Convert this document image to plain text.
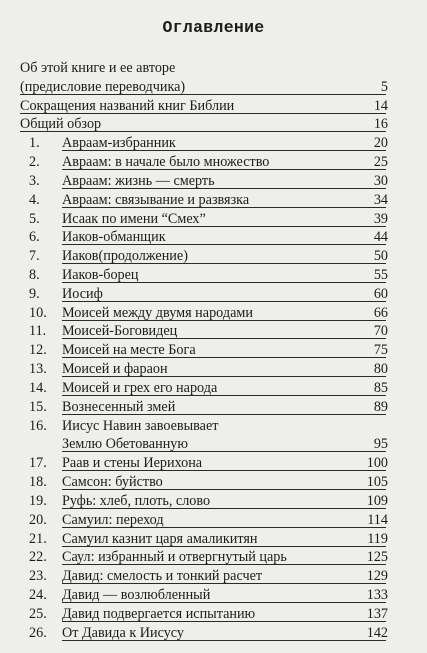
Оглавление
Об этой книге и ее авторе
(предисловие переводчика)	5
Сокращения названий книг Библии	14
Общий обзор	16
1. Авраам-избранник	20
2. Авраам: в начале было множество	25
3. Авраам: жизнь — смерть	30
4. Авраам: связывание и развязка	34
5. Исаак по имени “Смех”	39
6. Иаков-обманщик	44
7. Иаков(продолжение)	50
8. Иаков-борец	55
9. Иосиф	60
10. Моисей между двумя народами	66
11. Моисей-Боговидец	70
12. Моисей на месте Бога	75
13. Моисей и фараон	80
14. Моисей и грех его народа	85
15. Вознесенный змей	89
16. Иисус Навин завоевывает
Землю Обетованную	95
17. Раав и стены Иерихона	100
18. Самсон: буйство	105
19. Руфь: хлеб, плоть, слово	109
20. Самуил: переход	114
21. Самуил казнит царя амаликитян	119
22. Саул: избранный и отвергнутый царь	125
23. Давид: смелость и тонкий расчет	129
24. Давид — возлюбленный	133
25. Давид подвергается испытанию	137
26. От Давида к Иисусу	142
